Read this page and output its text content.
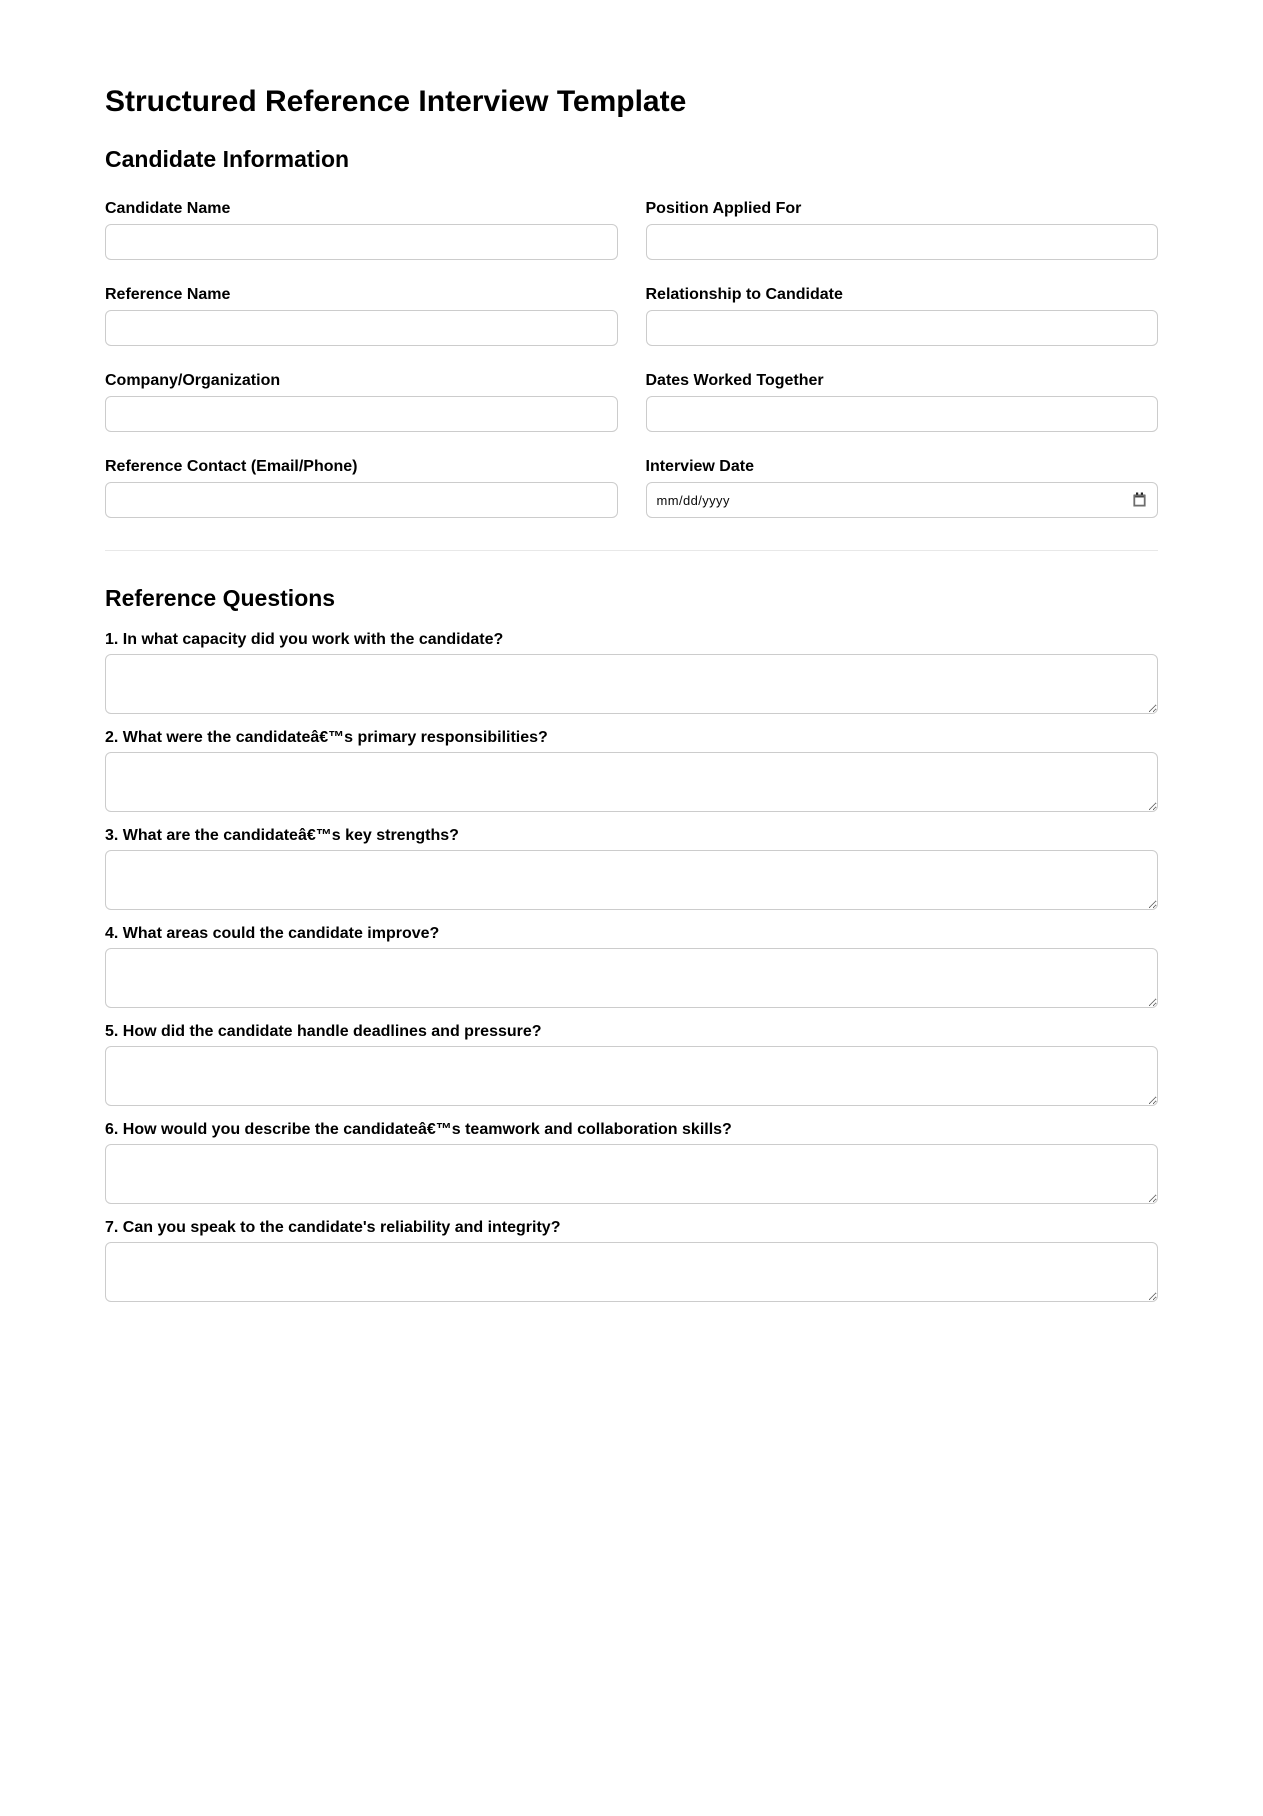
Structured Reference Interview Template
Candidate Information
Candidate Name	Position Applied For
Reference Name	Relationship to Candidate
Company/Organization	Dates Worked Together
Reference Contact (Email/Phone)	Interview Date
mm/dd/yyyy
Reference Questions
1. In what capacity did you work with the candidate?
2. What were the candidateâ€™s primary responsibilities?
3. What are the candidateâ€™s key strengths?
4. What areas could the candidate improve?
5. How did the candidate handle deadlines and pressure?
6. How would you describe the candidateâ€™s teamwork and collaboration skills?
7. Can you speak to the candidate's reliability and integrity?
